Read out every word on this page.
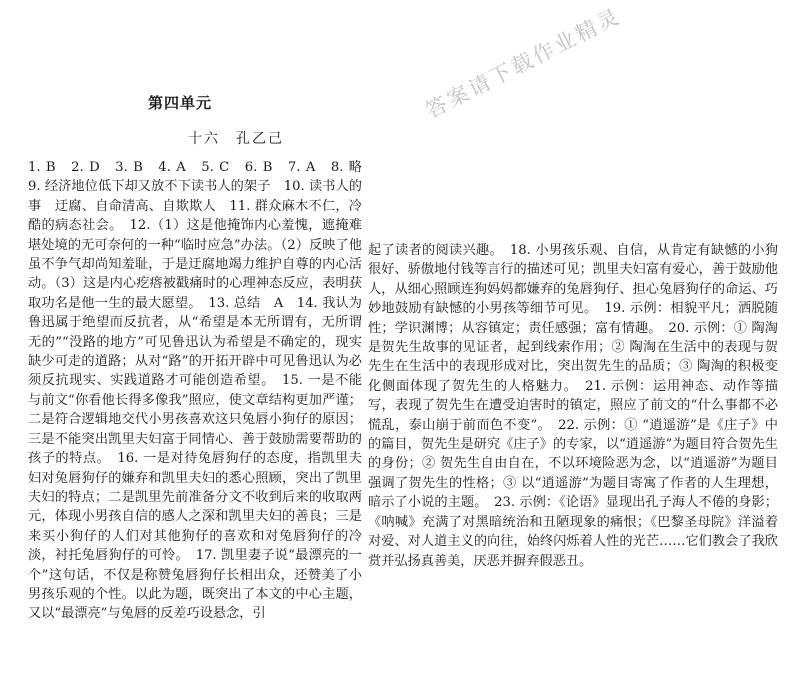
第四单元
十六　孔乙己

1. B　2. D　3. B　4. A　5. C　6. B　7. A　8. 略　9. 经济地位低下却又放不下读书人的架子　10. 读书人的事　迂腐、自命清高、自欺欺人　11. 群众麻木不仁，冷酷的病态社会。　12.（1）这是他掩饰内心羞愧，遮掩难堪处境的无可奈何的一种“临时应急”办法。（2）反映了他虽不争气却尚知羞耻，于是迂腐地竭力维护自尊的内心活动。（3）这是内心疙瘩被戳痛时的心理神态反应，表明获取功名是他一生的最大愿望。　13. 总结　A　14. 我认为鲁迅属于绝望而反抗者，从“希望是本无所谓有，无所谓无的”“没路的地方”可见鲁迅认为希望是不确定的，现实缺少可走的道路；从对“路”的开拓开辟中可见鲁迅认为必须反抗现实、实践道路才可能创造希望。　15. 一是不能与前文“你看他长得多像我”照应，使文章结构更加严谨；二是符合逻辑地交代小男孩喜欢这只兔唇小狗仔的原因；三是不能突出凯里夫妇富于同情心、善于鼓励需要帮助的孩子的特点。　16. 一是对待兔唇狗仔的态度，指凯里夫妇对兔唇狗仔的嫌弃和凯里夫妇的悉心照顾，突出了凯里夫妇的特点；二是凯里先前准备分文不收到后来的收取两元，体现小男孩自信的感人之深和凯里夫妇的善良；三是来买小狗仔的人们对其他狗仔的喜欢和对兔唇狗仔的冷淡，衬托兔唇狗仔的可怜。　17. 凯里妻子说“最漂亮的一个”这句话，不仅是称赞兔唇狗仔长相出众，还赞美了小男孩乐观的个性。以此为题，既突出了本文的中心主题，又以“最漂亮”与兔唇的反差巧设悬念，引

起了读者的阅读兴趣。　18. 小男孩乐观、自信，从肯定有缺憾的小狗很好、骄傲地付钱等言行的描述可见；凯里夫妇富有爱心，善于鼓励他人，从细心照顾连狗妈妈都嫌弃的兔唇狗仔、担心兔唇狗仔的命运、巧妙地鼓励有缺憾的小男孩等细节可见。　19. 示例：相貌平凡；洒脱随性；学识渊博；从容镇定；责任感强；富有情趣。　20. 示例：① 陶淘是贺先生故事的见证者，起到线索作用；② 陶淘在生活中的表现与贺先生在生活中的表现形成对比，突出贺先生的品质；③ 陶淘的积极变化侧面体现了贺先生的人格魅力。　21. 示例：运用神态、动作等描写，表现了贺先生在遭受迫害时的镇定，照应了前文的“什么事都不必慌乱，泰山崩于前而色不变”。　22. 示例：① “逍遥游”是《庄子》中的篇目，贺先生是研究《庄子》的专家，以“逍遥游”为题目符合贺先生的身份；② 贺先生自由自在，不以环境险恶为念，以“逍遥游”为题目强调了贺先生的性格；③ 以“逍遥游”为题目寄寓了作者的人生理想，暗示了小说的主题。　23. 示例：《论语》显现出孔子海人不倦的身影；《呐喊》充满了对黑暗统治和丑陋现象的痛恨；《巴黎圣母院》洋溢着对爱、对人道主义的向往，始终闪烁着人性的光芒……它们教会了我欣赏并弘扬真善美，厌恶并摒弃假恶丑。

答案请下载作业精灵
